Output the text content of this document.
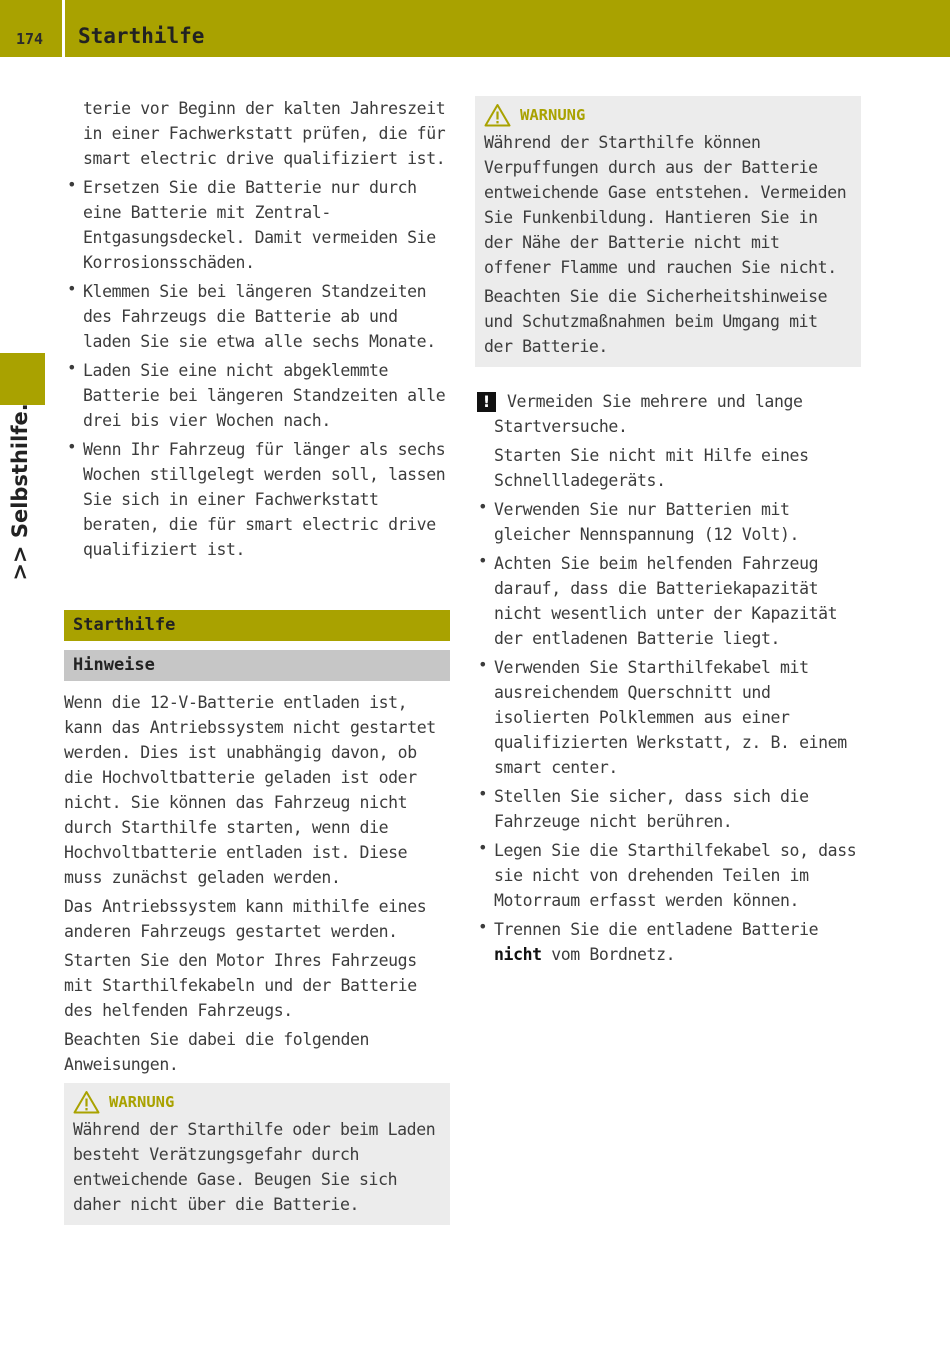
174 Starthilfe
>> Selbsthilfe.

terie vor Beginn der kalten Jahreszeit in einer Fachwerkstatt prüfen, die für smart electric drive qualifiziert ist.

• Ersetzen Sie die Batterie nur durch eine Batterie mit Zentral-Entgasungsdeckel. Damit vermeiden Sie Korrosionsschäden.

• Klemmen Sie bei längeren Standzeiten des Fahrzeugs die Batterie ab und laden Sie sie etwa alle sechs Monate.

• Laden Sie eine nicht abgeklemmte Batterie bei längeren Standzeiten alle drei bis vier Wochen nach.

• Wenn Ihr Fahrzeug für länger als sechs Wochen stillgelegt werden soll, lassen Sie sich in einer Fachwerkstatt beraten, die für smart electric drive qualifiziert ist.

Starthilfe
Hinweise

Wenn die 12-V-Batterie entladen ist, kann das Antriebssystem nicht gestartet werden. Dies ist unabhängig davon, ob die Hochvoltbatterie geladen ist oder nicht. Sie können das Fahrzeug nicht durch Starthilfe starten, wenn die Hochvoltbatterie entladen ist. Diese muss zunächst geladen werden.

Das Antriebssystem kann mithilfe eines anderen Fahrzeugs gestartet werden.

Starten Sie den Motor Ihres Fahrzeugs mit Starthilfekabeln und der Batterie des helfenden Fahrzeugs.

Beachten Sie dabei die folgenden Anweisungen.

WARNUNG

Während der Starthilfe oder beim Laden besteht Verätzungsgefahr durch entweichende Gase. Beugen Sie sich daher nicht über die Batterie.

WARNUNG

Während der Starthilfe können Verpuffungen durch aus der Batterie entweichende Gase entstehen. Vermeiden Sie Funkenbildung. Hantieren Sie in der Nähe der Batterie nicht mit offener Flamme und rauchen Sie nicht.

Beachten Sie die Sicherheitshinweise und Schutzmaßnahmen beim Umgang mit der Batterie.

!	Vermeiden Sie mehrere und lange Startversuche.

Starten Sie nicht mit Hilfe eines Schnellladegeräts.

• Verwenden Sie nur Batterien mit gleicher Nennspannung (12 Volt).

• Achten Sie beim helfenden Fahrzeug darauf, dass die Batteriekapazität nicht wesentlich unter der Kapazität der entladenen Batterie liegt.

• Verwenden Sie Starthilfekabel mit ausreichendem Querschnitt und isolierten Polklemmen aus einer qualifizierten Werkstatt, z. B. einem smart center.

• Stellen Sie sicher, dass sich die Fahrzeuge nicht berühren.

• Legen Sie die Starthilfekabel so, dass sie nicht von drehenden Teilen im Motorraum erfasst werden können.

• Trennen Sie die entladene Batterie nicht vom Bordnetz.
